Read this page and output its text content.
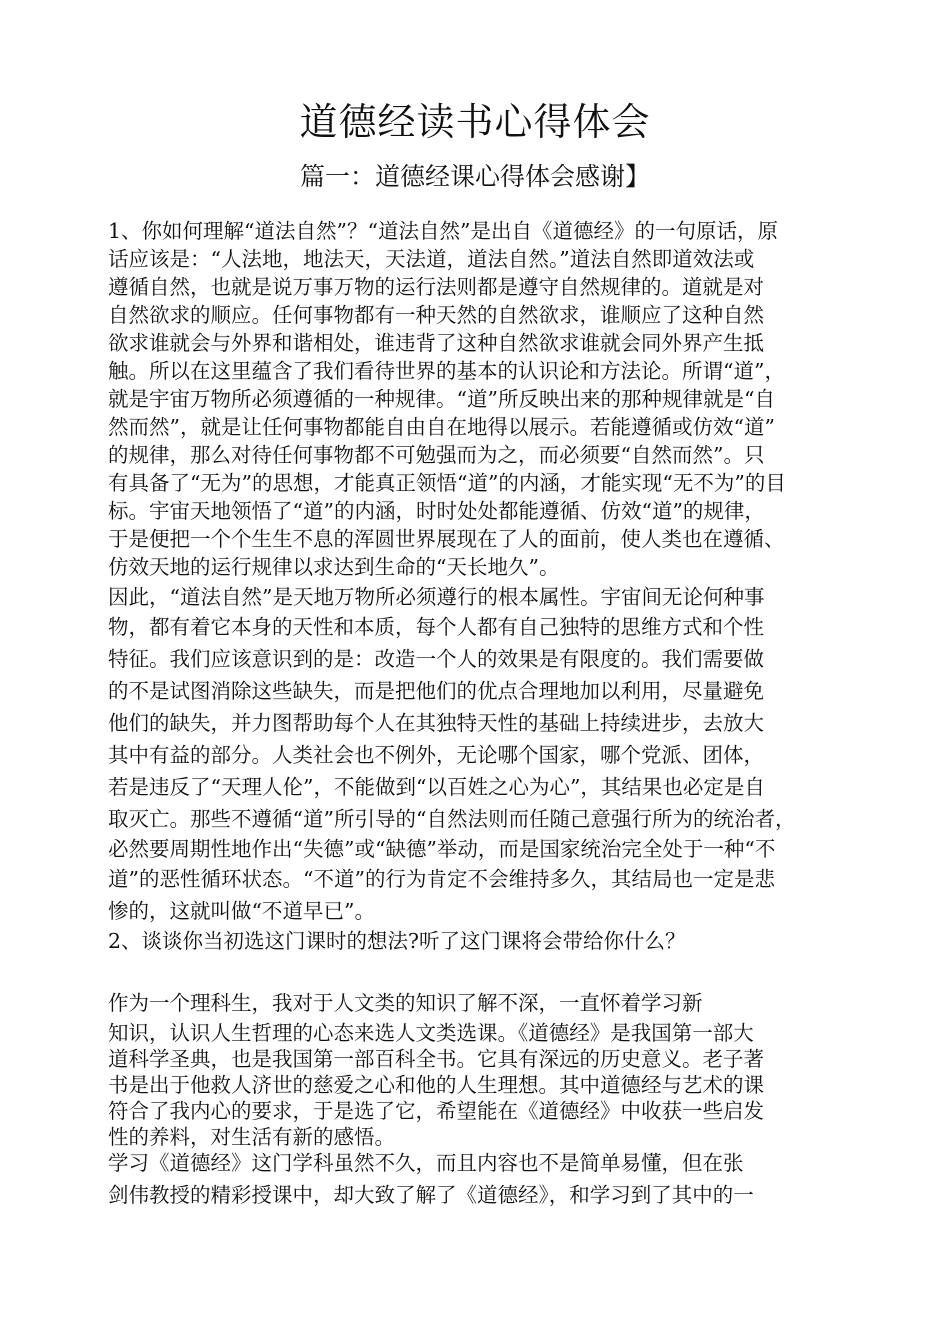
道德经读书心得体会
篇一：道德经课心得体会感谢】
1、你如何理解“道法自然”？“道法自然”是出自《道德经》的一句原话，原
话应该是：“人法地，地法天，天法道，道法自然。”道法自然即道效法或
遵循自然，也就是说万事万物的运行法则都是遵守自然规律的。道就是对
自然欲求的顺应。任何事物都有一种天然的自然欲求，谁顺应了这种自然
欲求谁就会与外界和谐相处，谁违背了这种自然欲求谁就会同外界产生抵
触。所以在这里蕴含了我们看待世界的基本的认识论和方法论。所谓“道”，
就是宇宙万物所必须遵循的一种规律。“道”所反映出来的那种规律就是“自
然而然”，就是让任何事物都能自由自在地得以展示。若能遵循或仿效“道”
的规律，那么对待任何事物都不可勉强而为之，而必须要“自然而然”。只
有具备了“无为”的思想，才能真正领悟“道”的内涵，才能实现“无不为”的目
标。宇宙天地领悟了“道”的内涵，时时处处都能遵循、仿效“道”的规律，
于是便把一个个生生不息的浑圆世界展现在了人的面前，使人类也在遵循、
仿效天地的运行规律以求达到生命的“天长地久”。
因此，“道法自然”是天地万物所必须遵行的根本属性。宇宙间无论何种事
物，都有着它本身的天性和本质，每个人都有自己独特的思维方式和个性
特征。我们应该意识到的是：改造一个人的效果是有限度的。我们需要做
的不是试图消除这些缺失，而是把他们的优点合理地加以利用，尽量避免
他们的缺失，并力图帮助每个人在其独特天性的基础上持续进步，去放大
其中有益的部分。人类社会也不例外，无论哪个国家，哪个党派、团体，
若是违反了“天理人伦”，不能做到“以百姓之心为心”，其结果也必定是自
取灭亡。那些不遵循“道”所引导的“自然法则而任随己意强行所为的统治者，
必然要周期性地作出“失德”或“缺德”举动，而是国家统治完全处于一种“不
道”的恶性循环状态。“不道”的行为肯定不会维持多久，其结局也一定是悲
惨的，这就叫做“不道早已”。
2、谈谈你当初选这门课时的想法?听了这门课将会带给你什么？
作为一个理科生，我对于人文类的知识了解不深，一直怀着学习新
知识，认识人生哲理的心态来选人文类选课。《道德经》是我国第一部大
道科学圣典，也是我国第一部百科全书。它具有深远的历史意义。老子著
书是出于他救人济世的慈爱之心和他的人生理想。其中道德经与艺术的课
符合了我内心的要求，于是选了它，希望能在《道德经》中收获一些启发
性的养料，对生活有新的感悟。
学习《道德经》这门学科虽然不久，而且内容也不是简单易懂，但在张
剑伟教授的精彩授课中，却大致了解了《道德经》，和学习到了其中的一
